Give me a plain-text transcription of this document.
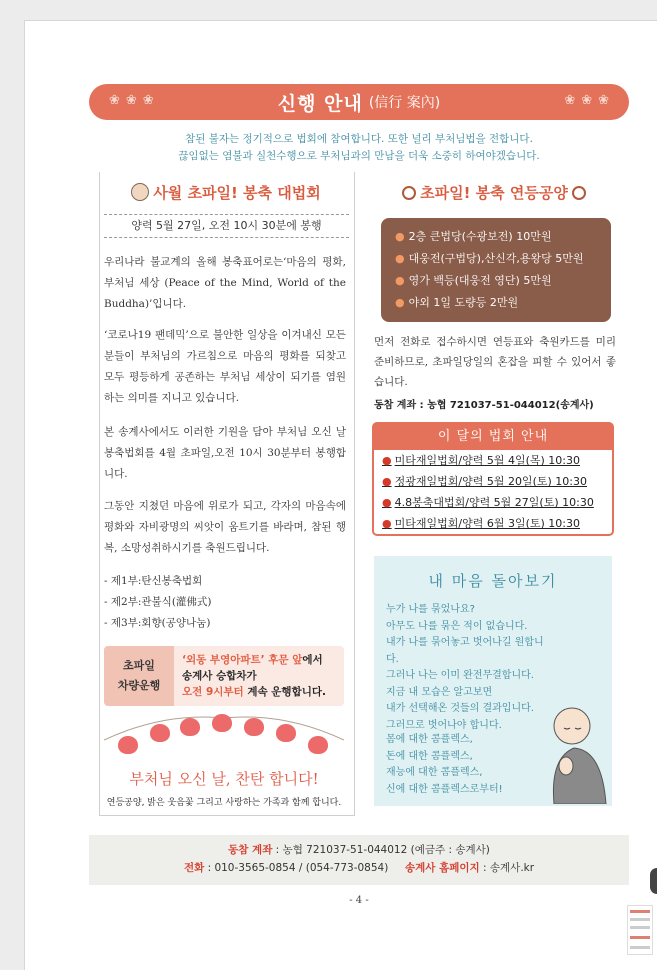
❀❀❀	신행 안내 (信行 案內)	❀❀❀
참된 불자는 정기적으로 법회에 참여합니다. 또한 널리 부처님법을 전합니다.
끊임없는 염불과 실천수행으로 부처님과의 만남을 더욱 소중히 하여야겠습니다.
사월 초파일! 봉축 대법회
양력 5월 27일, 오전 10시 30분에 봉행
우리나라 불교계의 올해 봉축표어로는‘마음의 평화, 부처님 세상 (Peace of the Mind, World of the Buddha)’입니다.
‘코로나19 팬데믹’으로 불안한 일상을 이겨내신 모든 분들이 부처님의 가르침으로 마음의 평화를 되찾고 모두 평등하게 공존하는 부처님 세상이 되기를 염원하는 의미를 지니고 있습니다.
본 송계사에서도 이러한 기원을 담아 부처님 오신 날 봉축법회를 4월 초파일,오전 10시 30분부터 봉행합니다.
그동안 지쳤던 마음에 위로가 되고, 각자의 마음속에 평화와 자비광명의 씨앗이 움트기를 바라며, 참된 행복, 소망성취하시기를 축원드립니다.
- 제1부:탄신봉축법회
- 제2부:관불식(灌佛式)
- 제3부:회향(공양나눔)
초파일
차량운행
‘외동 부영아파트’ 후문 앞에서
송계사 승합차가
오전 9시부터 계속 운행합니다.
부처님 오신 날, 찬탄 합니다!
연등공양, 밝은 웃음꽃 그리고 사랑하는 가족과 함께 합니다.
초파일! 봉축 연등공양
● 2층 큰법당(수광보전) 10만원
● 대웅전(구법당),산신각,용왕당 5만원
● 영가 백등(대웅전 영단) 5만원
● 야외 1일 도량등 2만원
먼저 전화로 접수하시면 연등표와 축원카드를 미리 준비하므로, 초파일당일의 혼잡을 피할 수 있어서 좋습니다.
동참 계좌 : 농협 721037-51-044012(송계사)
이 달의 법회 안내
● 미타재일법회/양력 5월 4일(목) 10:30
● 정광재일법회/양력 5월 20일(토) 10:30
● 4.8봉축대법회/양력 5월 27일(토) 10:30
● 미타재일법회/양력 6월 3일(토) 10:30
내 마음 돌아보기
누가 나를 묶었나요?
아무도 나를 묶은 적이 없습니다.
내가 나를 묶어놓고 벗어나길 원합니다.
그러나 나는 이미 완전무결합니다.
지금 내 모습은 알고보면
내가 선택해온 것들의 결과입니다.
그러므로 벗어나야 합니다.
몸에 대한 콤플렉스,
돈에 대한 콤플렉스,
재능에 대한 콤플렉스,
신에 대한 콤플렉스로부터!
동참 계좌 : 농협 721037-51-044012 (예금주 : 송계사)
전화 : 010-3565-0854 / (054-773-0854) 송계사 홈페이지 : 송계사.kr
- 4 -
